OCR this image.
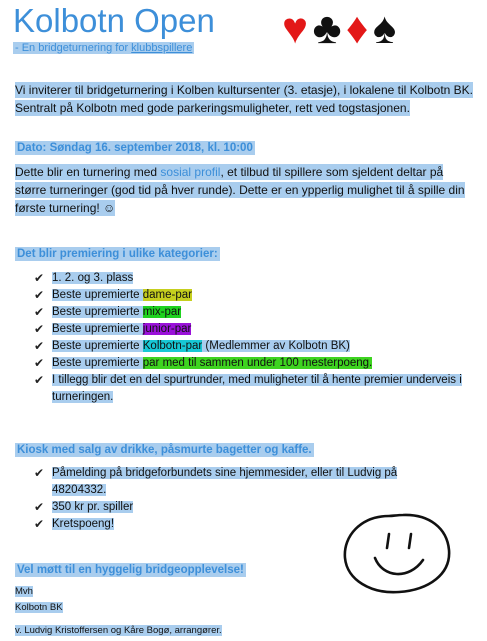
Kolbotn Open
- En bridgeturnering for klubbspillere ♥ ♣ ♦ ♠
Vi inviterer til bridgeturnering i Kolben kultursenter (3. etasje), i lokalene til Kolbotn BK. Sentralt på Kolbotn med gode parkeringsmuligheter, rett ved togstasjonen.
Dato: Søndag 16. september 2018, kl. 10:00
Dette blir en turnering med sosial profil, et tilbud til spillere som sjeldent deltar på større turneringer (god tid på hver runde). Dette er en ypperlig mulighet til å spille din første turnering! ☺
Det blir premiering i ulike kategorier:
✔ 1. 2. og 3. plass
✔ Beste upremierte dame-par
✔ Beste upremierte mix-par
✔ Beste upremierte junior-par
✔ Beste upremierte Kolbotn-par (Medlemmer av Kolbotn BK)
✔ Beste upremierte par med til sammen under 100 mesterpoeng.
✔ I tillegg blir det en del spurtrunder, med muligheter til å hente premier underveis i turneringen.
Kiosk med salg av drikke, påsmurte bagetter og kaffe.
✔ Påmelding på bridgeforbundets sine hjemmesider, eller til Ludvig på 48204332.
✔ 350 kr pr. spiller
✔ Kretspoeng!
Vel møtt til en hyggelig bridgeopplevelse!
Mvh
Kolbotn BK
v. Ludvig Kristoffersen og Kåre Bogø, arrangører.
